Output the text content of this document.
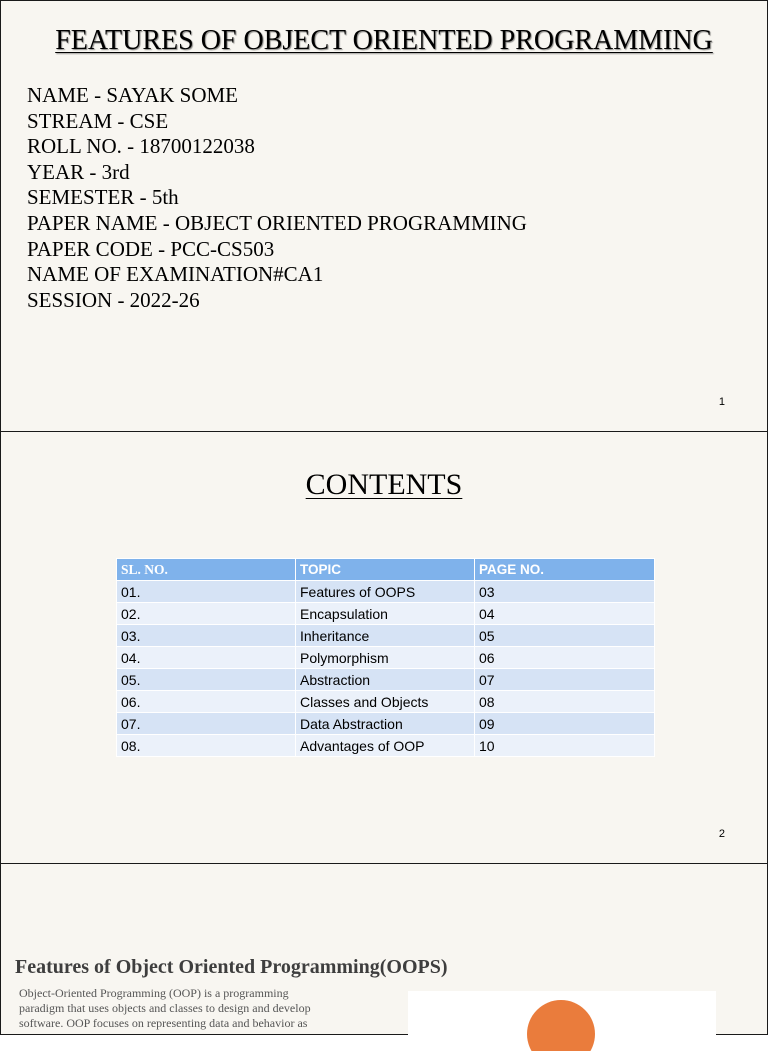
FEATURES OF OBJECT ORIENTED PROGRAMMING
NAME - SAYAK SOME
STREAM - CSE
ROLL NO. - 18700122038
YEAR - 3rd
SEMESTER - 5th
PAPER NAME - OBJECT ORIENTED PROGRAMMING
PAPER CODE - PCC-CS503
NAME OF EXAMINATION#CA1
SESSION - 2022-26
1
CONTENTS
SL. NO.	TOPIC	PAGE NO.
01.	Features of OOPS	03
02.	Encapsulation	04
03.	Inheritance	05
04.	Polymorphism	06
05.	Abstraction	07
06.	Classes and Objects	08
07.	Data Abstraction	09
08.	Advantages of OOP	10
2
Features of Object Oriented Programming(OOPS)

Object-Oriented Programming (OOP) is a programming paradigm that uses objects and classes to design and develop software. OOP focuses on representing data and behavior as
